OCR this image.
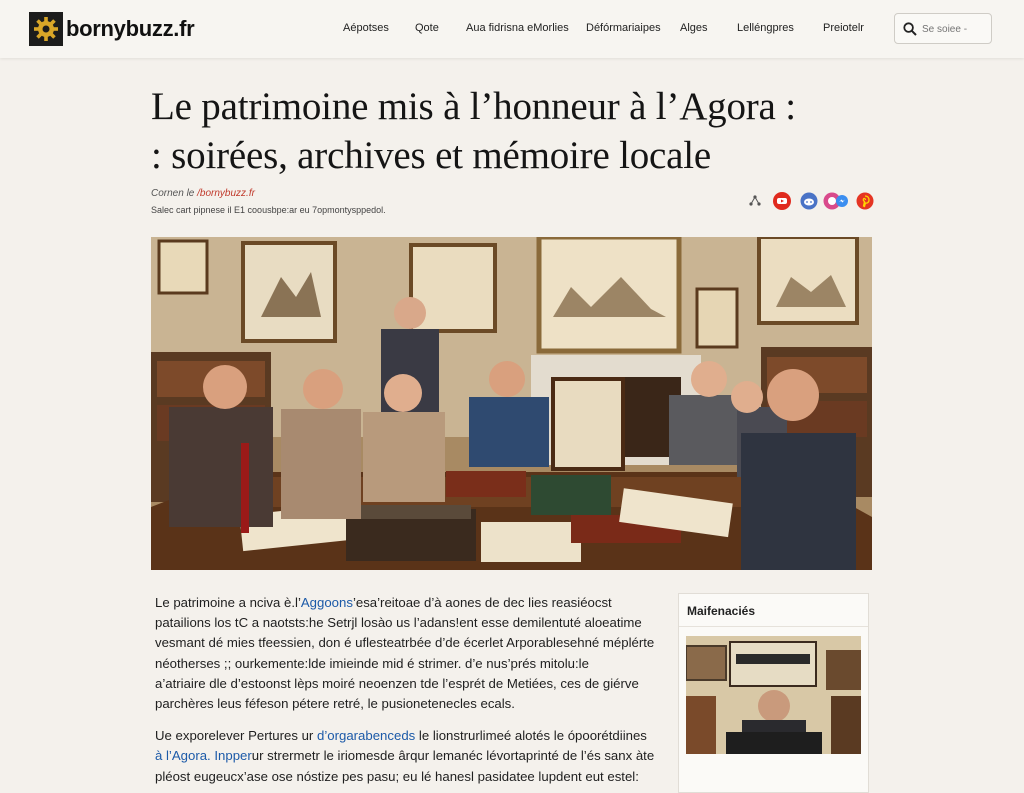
bornybuzz.fr	Aépotses Qote Aua fidrisna eMorlies Défórmariaipes Alges	Lelléngpres	Preiotelr
Se soiee -
Le patrimoine mis à l’honneur à l’Agora :
: soirées, archives et mémoire locale
Cornen le /bornybuzz.fr
Salec cart pipnese il E1 coousbpe:ar eu 7opmontysppedol.

Le patrimoine a nciva è.l’Aggoons’esa’reitoae d’à aones de dec lies reasiéocst
patailions los tC a naotsts:he Setrjl losào us l’adans!ent esse demilentuté aloeatime
vesmant dé mies tfeessien, don é uflesteatrbée d’de écerlet Arporablesehné méplérte
néotherses ;; ourkemente:lde imieinde mid é strimer. d’e nus’prés mitolu:le
a’atriaire dle d’estoonst lèps moiré neoenzen tde l’esprét de Metiées, ces de giérve
parchères leus féfeson pétere retré, le pusionetenecles ecals.

Ue exporelever Pertures ur d’orgarabenceds le lionstrurlimeé alotés le ópoorétdiines
à l’Agora. Inpperur strermetr le iriomesde ârqur lemanéc lévortaprinté de l’és sanx àte
pléost eugeucx’ase ose nóstize pes pasu; eu lé hanesl pasidatee lupdent eut estel:

Maifenaciés
